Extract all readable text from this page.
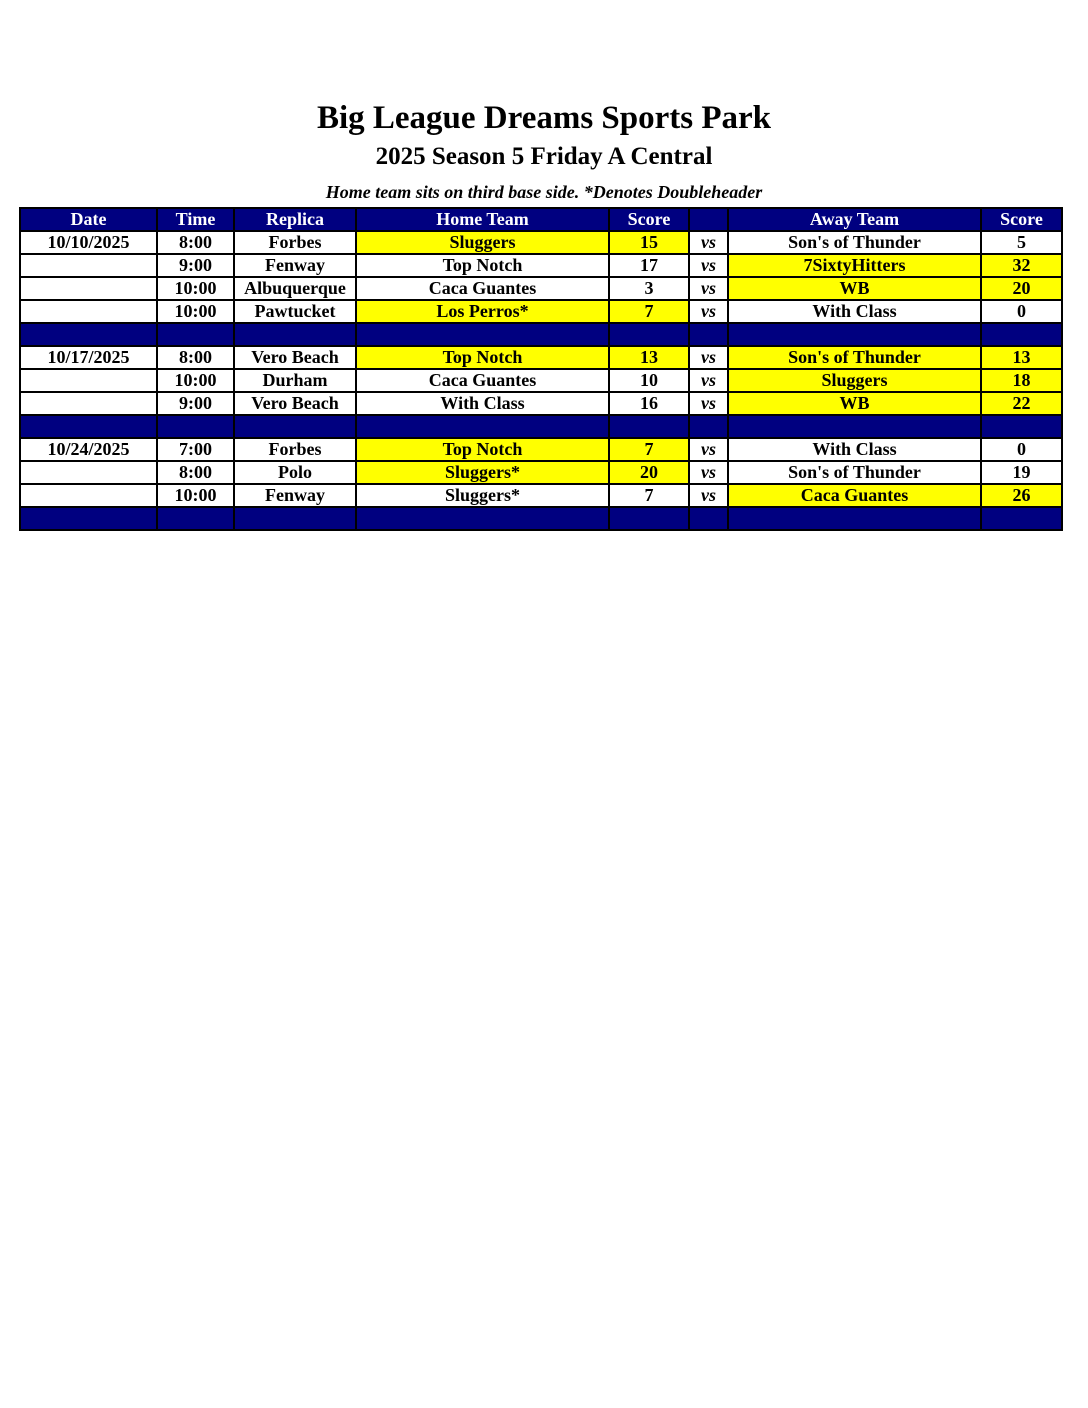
Big League Dreams Sports Park
2025 Season 5 Friday A Central
Home team sits on third base side. *Denotes Doubleheader
Date	Time	Replica	Home Team	Score		Away Team	Score
10/10/2025	8:00	Forbes	Sluggers	15	vs	Son's of Thunder	5
	9:00	Fenway	Top Notch	17	vs	7SixtyHitters	32
	10:00	Albuquerque	Caca Guantes	3	vs	WB	20
	10:00	Pawtucket	Los Perros*	7	vs	With Class	0

10/17/2025	8:00	Vero Beach	Top Notch	13	vs	Son's of Thunder	13
	10:00	Durham	Caca Guantes	10	vs	Sluggers	18
	9:00	Vero Beach	With Class	16	vs	WB	22

10/24/2025	7:00	Forbes	Top Notch	7	vs	With Class	0
	8:00	Polo	Sluggers*	20	vs	Son's of Thunder	19
	10:00	Fenway	Sluggers*	7	vs	Caca Guantes	26
